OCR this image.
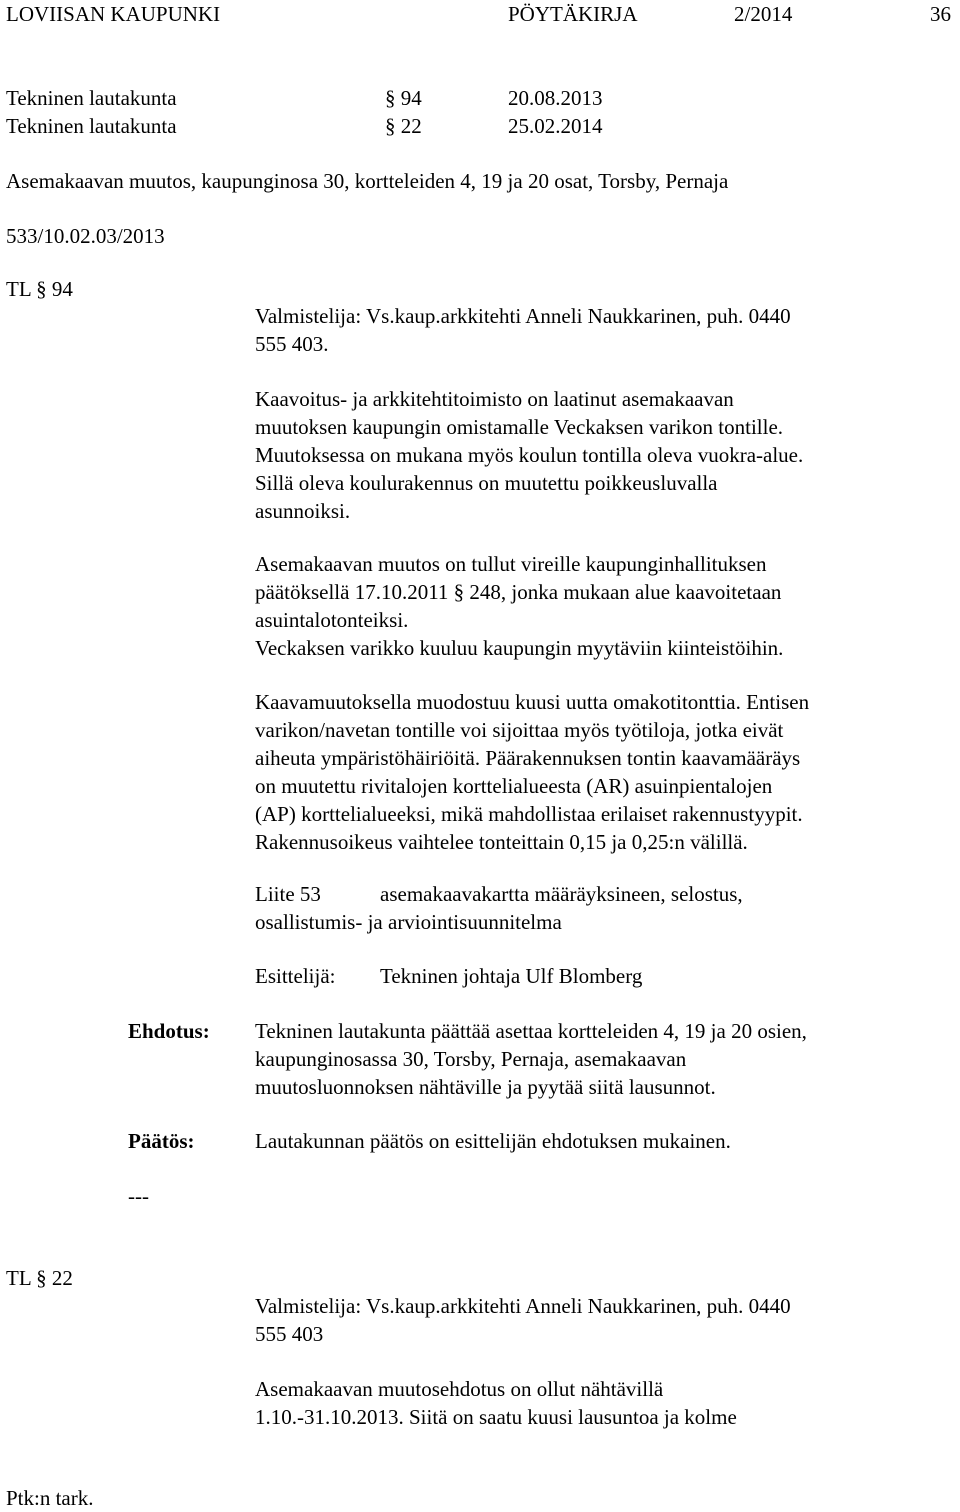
LOVIISAN KAUPUNKI	PÖYTÄKIRJA	2/2014	36
Tekninen lautakunta	§ 94	20.08.2013
Tekninen lautakunta	§ 22	25.02.2014
Asemakaavan muutos, kaupunginosa 30, kortteleiden 4, 19 ja 20 osat, Torsby, Pernaja
533/10.02.03/2013
TL § 94

Valmistelija: Vs.kaup.arkkitehti Anneli Naukkarinen, puh. 0440

555 403.

Kaavoitus- ja arkkitehtitoimisto on laatinut asemakaavan

muutoksen kaupungin omistamalle Veckaksen varikon tontille.

Muutoksessa on mukana myös koulun tontilla oleva vuokra-alue.

Sillä oleva koulurakennus on muutettu poikkeusluvalla

asunnoiksi.

Asemakaavan muutos on tullut vireille kaupunginhallituksen

päätöksellä 17.10.2011 § 248, jonka mukaan alue kaavoitetaan

asuintalotonteiksi.

Veckaksen varikko kuuluu kaupungin myytäviin kiinteistöihin.

Kaavamuutoksella muodostuu kuusi uutta omakotitonttia. Entisen

varikon/navetan tontille voi sijoittaa myös työtiloja, jotka eivät

aiheuta ympäristöhäiriöitä. Päärakennuksen tontin kaavamääräys

on muutettu rivitalojen korttelialueesta (AR) asuinpientalojen

(AP) korttelialueeksi, mikä mahdollistaa erilaiset rakennustyypit.

Rakennusoikeus vaihtelee tonteittain 0,15 ja 0,25:n välillä.

Liite 53	asemakaavakartta määräyksineen, selostus,
osallistumis- ja arviointisuunnitelma
Esittelijä: Tekninen johtaja Ulf Blomberg
Ehdotus: Tekninen lautakunta päättää asettaa kortteleiden 4, 19 ja 20 osien,

kaupunginosassa 30, Torsby, Pernaja, asemakaavan

muutosluonnoksen nähtäville ja pyytää siitä lausunnot.

Päätös:	Lautakunnan päätös on esittelijän ehdotuksen mukainen.
---
TL § 22

Valmistelija: Vs.kaup.arkkitehti Anneli Naukkarinen, puh. 0440

555 403

Asemakaavan muutosehdotus on ollut nähtävillä

1.10.-31.10.2013. Siitä on saatu kuusi lausuntoa ja kolme

Ptk:n tark.
